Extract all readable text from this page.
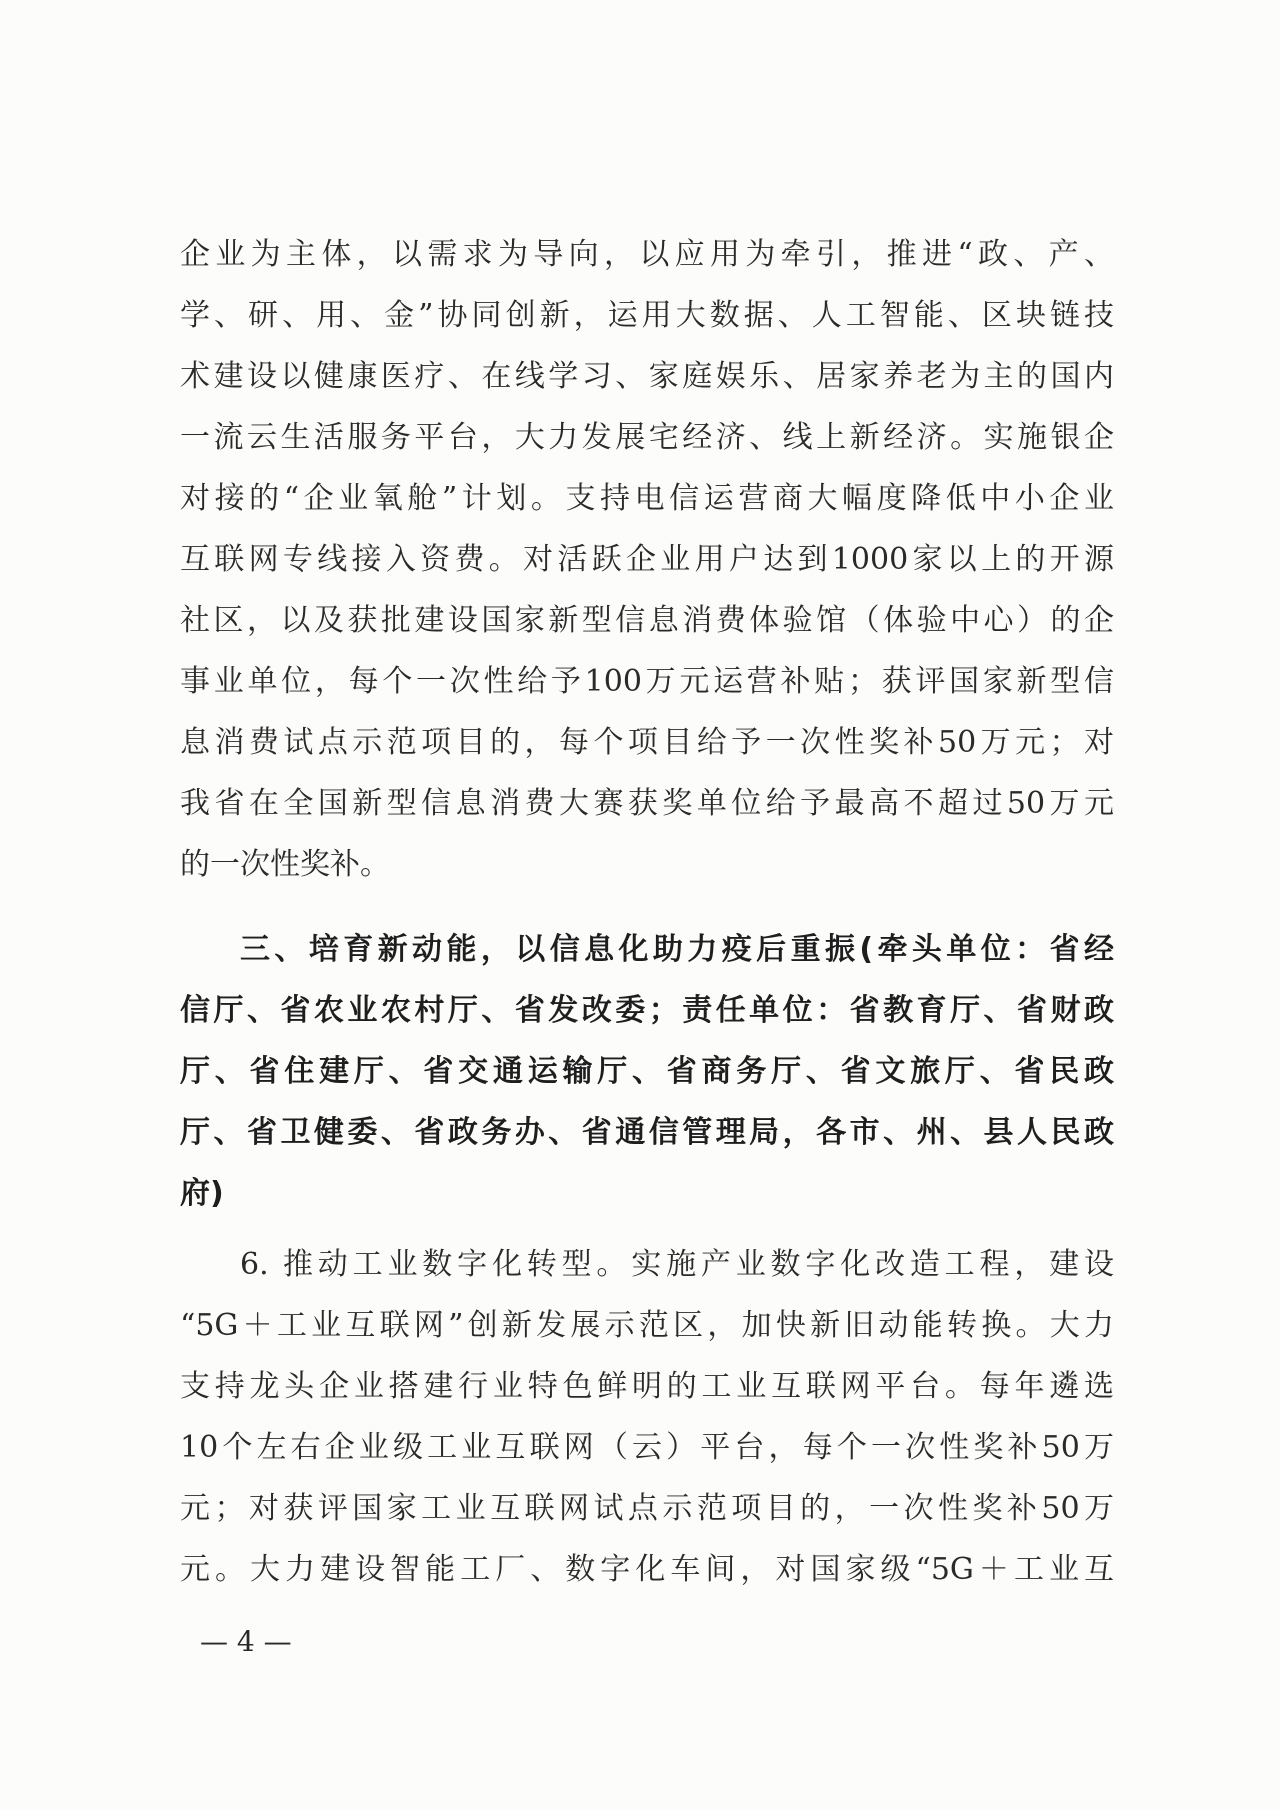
企业为主体，以需求为导向，以应用为牵引，推进“政、产、
学、研、用、金”协同创新，运用大数据、人工智能、区块链技
术建设以健康医疗、在线学习、家庭娱乐、居家养老为主的国内
一流云生活服务平台，大力发展宅经济、线上新经济。实施银企
对接的“企业氧舱”计划。支持电信运营商大幅度降低中小企业
互联网专线接入资费。对活跃企业用户达到1000家以上的开源
社区，以及获批建设国家新型信息消费体验馆（体验中心）的企
事业单位，每个一次性给予100万元运营补贴；获评国家新型信
息消费试点示范项目的，每个项目给予一次性奖补50万元；对
我省在全国新型信息消费大赛获奖单位给予最高不超过50万元
的一次性奖补。
三、培育新动能，以信息化助力疫后重振(牵头单位：省经
信厅、省农业农村厅、省发改委；责任单位：省教育厅、省财政
厅、省住建厅、省交通运输厅、省商务厅、省文旅厅、省民政
厅、省卫健委、省政务办、省通信管理局，各市、州、县人民政
府)
6. 推动工业数字化转型。实施产业数字化改造工程，建设
“5G＋工业互联网”创新发展示范区，加快新旧动能转换。大力
支持龙头企业搭建行业特色鲜明的工业互联网平台。每年遴选
10个左右企业级工业互联网（云）平台，每个一次性奖补50万
元；对获评国家工业互联网试点示范项目的，一次性奖补50万
元。大力建设智能工厂、数字化车间，对国家级“5G＋工业互
— 4 —
